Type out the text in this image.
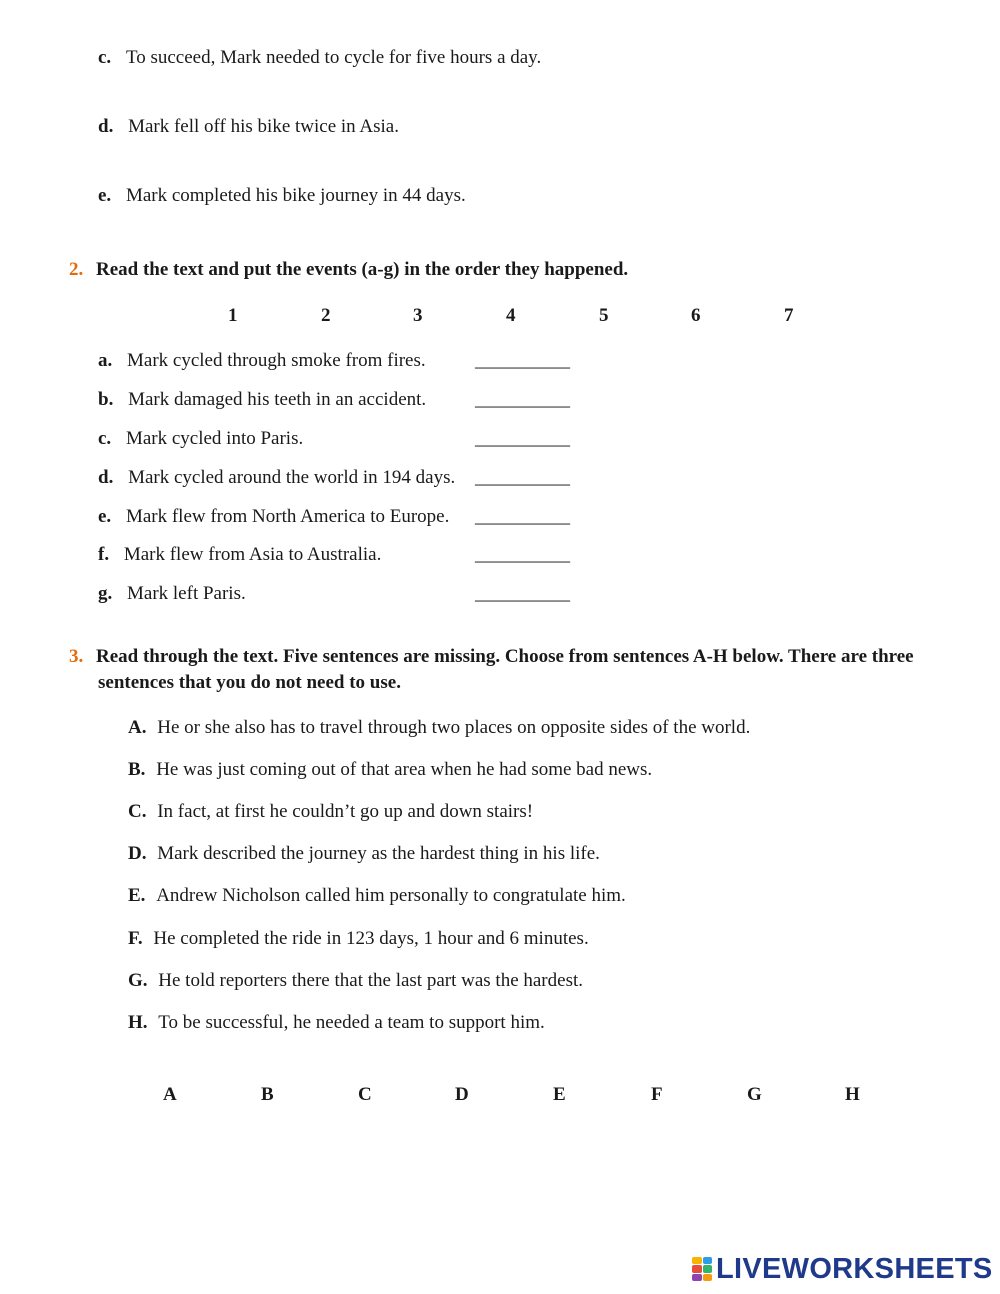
c. To succeed, Mark needed to cycle for five hours a day.
d. Mark fell off his bike twice in Asia.
e. Mark completed his bike journey in 44 days.
2. Read the text and put the events (a-g) in the order they happened.
1	2	3	4	5	6	7
a. Mark cycled through smoke from fires.	__________
b. Mark damaged his teeth in an accident.	__________
c. Mark cycled into Paris.	__________
d. Mark cycled around the world in 194 days. __________
e. Mark flew from North America to Europe. __________
f. Mark flew from Asia to Australia.	__________
g. Mark left Paris.	__________
3. Read through the text. Five sentences are missing. Choose from sentences A-H below. There are three
sentences that you do not need to use.
A. He or she also has to travel through two places on opposite sides of the world.
B. He was just coming out of that area when he had some bad news.
C. In fact, at first he couldn’t go up and down stairs!
D. Mark described the journey as the hardest thing in his life.
E. Andrew Nicholson called him personally to congratulate him.
F. He completed the ride in 123 days, 1 hour and 6 minutes.
G. He told reporters there that the last part was the hardest.
H. To be successful, he needed a team to support him.
A	B	C	D	E	F	G	H
LIVEWORKSHEETS
